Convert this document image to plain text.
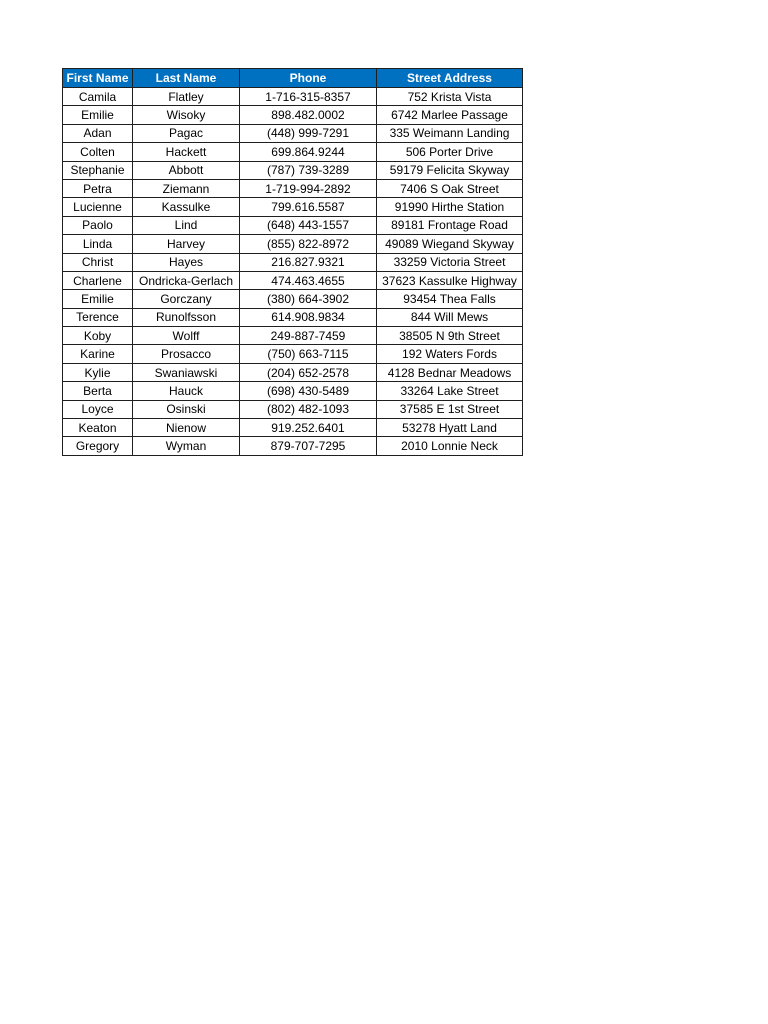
First Name	Last Name	Phone	Street Address
Camila	Flatley	1-716-315-8357	752 Krista Vista
Emilie	Wisoky	898.482.0002	6742 Marlee Passage
Adan	Pagac	(448) 999-7291	335 Weimann Landing
Colten	Hackett	699.864.9244	506 Porter Drive
Stephanie	Abbott	(787) 739-3289	59179 Felicita Skyway
Petra	Ziemann	1-719-994-2892	7406 S Oak Street
Lucienne	Kassulke	799.616.5587	91990 Hirthe Station
Paolo	Lind	(648) 443-1557	89181 Frontage Road
Linda	Harvey	(855) 822-8972	49089 Wiegand Skyway
Christ	Hayes	216.827.9321	33259 Victoria Street
Charlene	Ondricka-Gerlach	474.463.4655	37623 Kassulke Highway
Emilie	Gorczany	(380) 664-3902	93454 Thea Falls
Terence	Runolfsson	614.908.9834	844 Will Mews
Koby	Wolff	249-887-7459	38505 N 9th Street
Karine	Prosacco	(750) 663-7115	192 Waters Fords
Kylie	Swaniawski	(204) 652-2578	4128 Bednar Meadows
Berta	Hauck	(698) 430-5489	33264 Lake Street
Loyce	Osinski	(802) 482-1093	37585 E 1st Street
Keaton	Nienow	919.252.6401	53278 Hyatt Land
Gregory	Wyman	879-707-7295	2010 Lonnie Neck
